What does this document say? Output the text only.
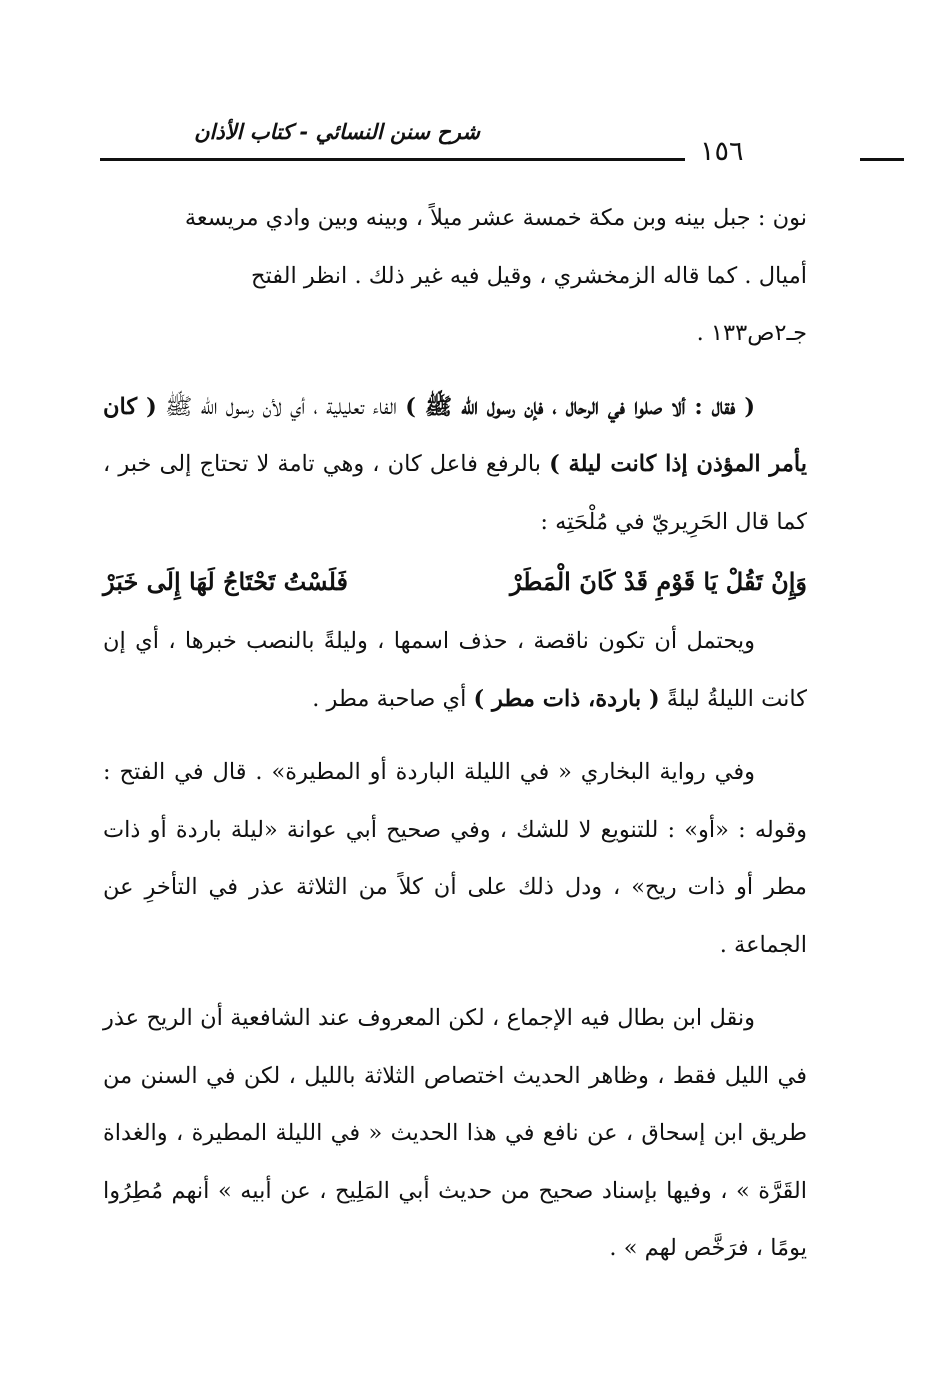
شرح سنن النسائي - كتاب الأذان
١٥٦

نون : جبل بينه وبن مكة خمسة عشر ميلاً ، وبينه وبين وادي مريسعة
أميال . كما قاله الزمخشري ، وقيل فيه غير ذلك . انظر الفتح
جـ٢ص١٣٣ .

( فقال : ألا صلوا في الرحال ، فإن رسول الله ﷺ ) الفاء تعليلية ، أي لأن رسول الله ﷺ ( كان يأمر المؤذن إذا كانت ليلة ) بالرفع فاعل كان ، وهي تامة لا تحتاج إلى خبر ، كما قال الحَرِيريّ في مُلْحَتِه :

وَإِنْ تَقُلْ يَا قَوْمِ قَدْ كَانَ الْمَطَرْ
فَلَسْتُ تَحْتَاجُ لَهَا إِلَى خَبَرْ

ويحتمل أن تكون ناقصة ، حذف اسمها ، وليلةً بالنصب خبرها ، أي إن كانت الليلةُ ليلةً ( باردة، ذات مطر ) أي صاحبة مطر .

وفي رواية البخاري « في الليلة الباردة أو المطيرة» . قال في الفتح : وقوله : «أو» : للتنويع لا للشك ، وفي صحيح أبي عوانة «ليلة باردة أو ذات مطر أو ذات ريح» ، ودل ذلك على أن كلاً من الثلاثة عذر في التأخرِ عن الجماعة .

ونقل ابن بطال فيه الإجماع ، لكن المعروف عند الشافعية أن الريح عذر في الليل فقط ، وظاهر الحديث اختصاص الثلاثة بالليل ، لكن في السنن من طريق ابن إسحاق ، عن نافع في هذا الحديث « في الليلة المطيرة ، والغداة القَرَّة » ، وفيها بإسناد صحيح من حديث أبي المَلِيح ، عن أبيه » أنهم مُطِرُوا يومًا ، فرَخَّص لهم » .
